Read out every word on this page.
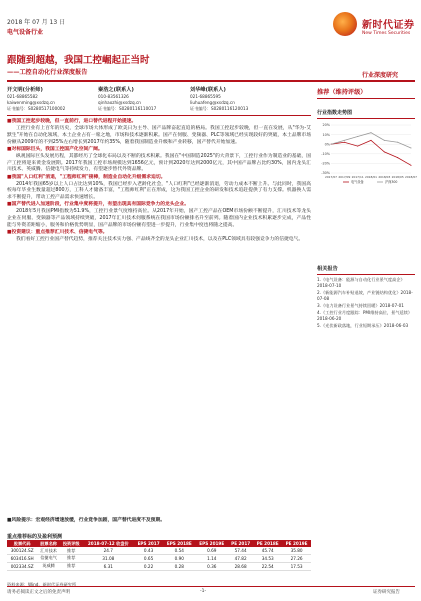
2018 年 07 月 13 日
电气设备行业
新时代证券
New Times Securities
跟随到超越，我国工控崛起正当时
——工控自动化行业深度报告	行业深度研究
开文明(分析师)
021-68865582
kaiwenming@xsdzq.cn
证书编号：S0280517100002
秦浩之(联系人)
010-83561326
qinhaozhi@xsdzq.cn
证书编号：S0280116110017
刘华峰(联系人)
021-68865595
liuhuafeng@xsdzq.cn
证书编号：S0280116120013

■我国工控起步较晚，但一直前行，进口替代进程开始提速。

工控行业有上百年的历史，全球市场大体形成了欧美日为主导、国产品牌奋起直追的格局。我国工控起步较晚，但一直在发展，从"华为-艾默生"开始在自动化领域，本土企业占有一席之地，市场和技术逐渐积累。国产在伺服、变频器、PLC等领域已经实现较好的突破，本土品牌市场份额从2009年的不到25%左右增长到2017年约35%，随着我国制造业升级和产业转移，国产替代开始加速。

■对标国际巨头，我国工控国产化空间广阔。

纵观国际巨头发展历程，其都经历了全球化布局以及不断的技术积累。我国在"中国制造2025"的大背景下，工控行业作为制造业的基础，国产工控将迎来黄金发展期。2017年我国工控市场规模达到1656亿元，预计到2020年达到2000亿元，其中国产品牌占比约30%，国内龙头汇川技术、英威腾、信捷电气等持续发力，有望逐步替代外资品牌。

■我国"人口红利"消退，"工程师红利"接棒，制造业自动化升级需求迫切。

2014年我国65岁以上人口占比达到10%，我国已经步入老龄化社会，"人口红利"已经逐渐消退，劳动力成本不断上升。与此同时，我国高校每年毕业生数量超过800万，工科人才储备丰富，"工程师红利"正在形成，这为我国工控企业的研发和技术追赶提供了有力支撑。机器换人需求不断提升，带动工控产品需求快速增长。

■国产替代进入加速阶段，行业集中度将提升，有望出现具有国际竞争力的龙头企业。

2018年5月我国PMI指数为51.9%，工控行业景气度维持高位。从2017年开始，国产工控产品在OEM市场份额不断提升，汇川技术等龙头企业在伺服、变频器等产品领域持续突破，2017年汇川技术伺服系统在我国市场份额排名升至前列。随着国内企业技术积累逐步完成，产品性能与外资差距缩小，服务和价格优势明显，国产品牌的市场份额有望进一步提升，行业集中度也将随之提高。

■投资建议：重点推荐汇川技术、信捷电气等。

我们看好工控行业国产替代趋势，推荐关注技术实力强、产品线齐全的龙头企业汇川技术，以及在PLC领域具有较强竞争力的信捷电气。

■风险提示：宏观经济增速放缓，行业竞争加剧，国产替代进度不及预期。
推荐（维持评级）
行业指数走势图
20%
10%
0%
-10%
-20%
-30%
2017/07 2017/09 2017/11 2018/01 2018/03 2018/05 2018/07
电气设备	沪深300
相关报告
1.《电气设备：能源与自动化行业景气度高企》2018-07-10
2.《新能源汽车补贴退坡，产业链结构优化》2018-07-08
3.《电力设备行业景气持续回暖》2018-07-01
4.《工控行业月度跟踪：PMI维持高位，景气延续》2018-06-20
5.《光伏新政落地，行业短期承压》2018-06-03
重点推荐标的及盈利预测
股票代码	股票名称	投资评级	2018-07-12 收盘价	EPS 2017	EPS 2018E	EPS 2019E	PE 2017	PE 2018E	PE 2019E
300124.SZ	汇川技术	推荐	24.7	0.43	0.54	0.69	57.44	45.74	35.80
603416.SH	信捷电气	推荐	31.08	0.65	0.90	1.14	47.82	34.53	27.26
002334.SZ	英威腾	推荐	6.31	0.22	0.28	0.36	28.68	22.54	17.53
资料来源：Wind，新时代证券研究所
请务必阅读正文之后的免责声明	-1-	证券研究报告
